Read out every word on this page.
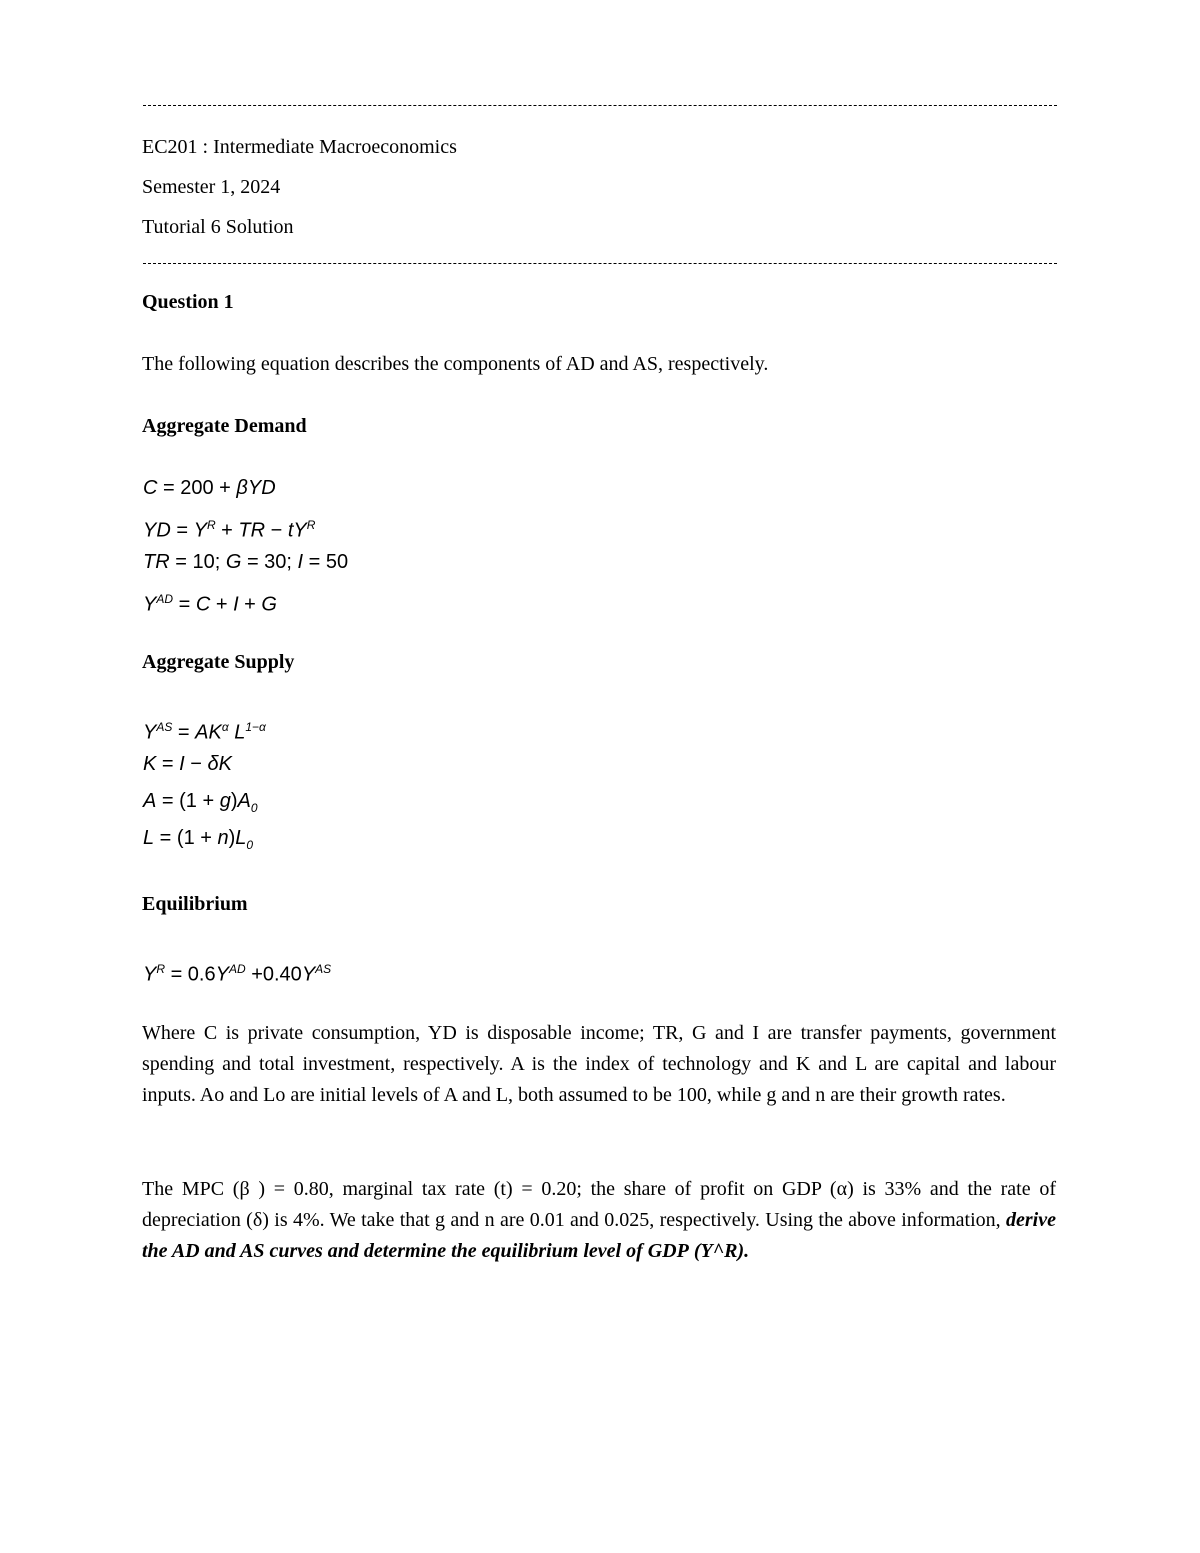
EC201 : Intermediate Macroeconomics
Semester 1, 2024
Tutorial 6 Solution
Question 1
The following equation describes the components of AD and AS, respectively.
Aggregate Demand
C = 200 + βYD
YD = $Y^R$ + TR − $tY^R$
TR = 10; G = 30; I = 50
$Y^{AD} = C + I + G$
Aggregate Supply
$Y^{AS} = AK^\alpha$ $L^{1-\alpha}$
K = I − δK
$A = (1 + g)A_0$
$L = (1 + n)L_0$
Equilibrium
$Y^R = 0.6Y^{AD} +0.40Y^{AS}$
Where C is private consumption, YD is disposable income; TR, G and I are transfer payments, government spending and total investment, respectively. A is the index of technology and K and L are capital and labour inputs. Ao and Lo are initial levels of A and L, both assumed to be 100, while g and n are their growth rates.
The MPC (β ) = 0.80, marginal tax rate (t) = 0.20; the share of profit on GDP (α) is 33% and the rate of depreciation (δ) is 4%. We take that g and n are 0.01 and 0.025, respectively. Using the above information, derive the AD and AS curves and determine the equilibrium level of GDP (Y^R).
